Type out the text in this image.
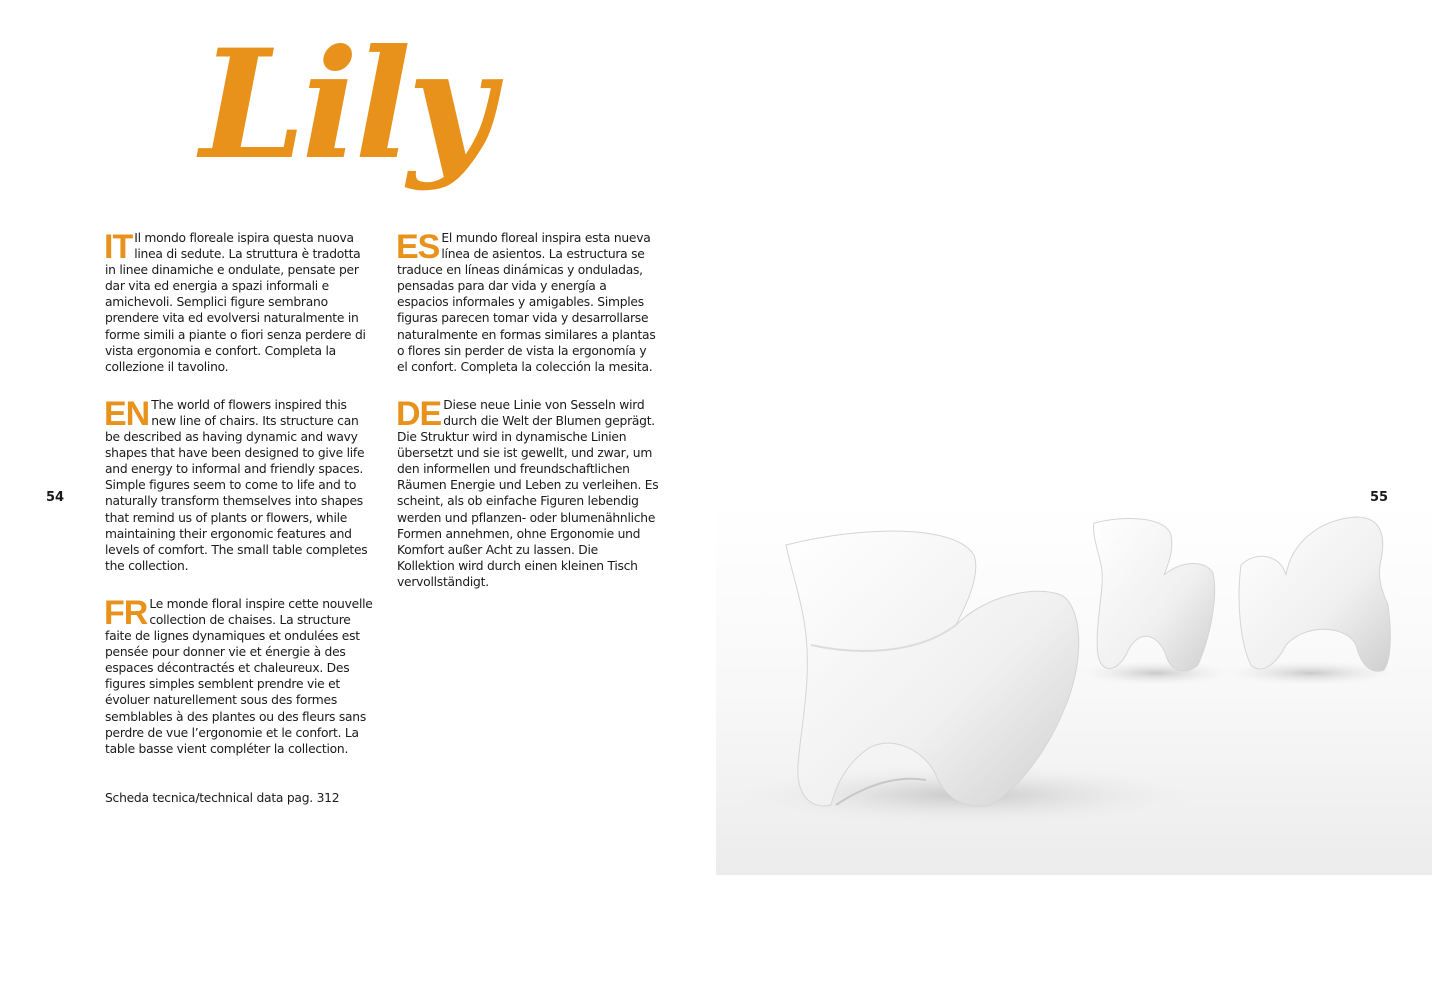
Lily
54	55
IT Il mondo floreale ispira questa nuova linea di sedute. La struttura è tradotta in linee dinamiche e ondulate, pensate per dar vita ed energia a spazi informali e amichevoli. Semplici figure sembrano prendere vita ed evolversi naturalmente in forme simili a piante o fiori senza perdere di vista ergonomia e confort. Completa la collezione il tavolino.

EN The world of flowers inspired this new line of chairs. Its structure can be described as having dynamic and wavy shapes that have been designed to give life and energy to informal and friendly spaces. Simple figures seem to come to life and to naturally transform themselves into shapes that remind us of plants or flowers, while maintaining their ergonomic features and levels of comfort. The small table completes the collection.

FR Le monde floral inspire cette nouvelle collection de chaises. La structure faite de lignes dynamiques et ondulées est pensée pour donner vie et énergie à des espaces décontractés et chaleureux. Des figures simples semblent prendre vie et évoluer naturellement sous des formes semblables à des plantes ou des fleurs sans perdre de vue l’ergonomie et le confort. La table basse vient compléter la collection.

ES El mundo floreal inspira esta nueva línea de asientos. La estructura se traduce en líneas dinámicas y onduladas, pensadas para dar vida y energía a espacios informales y amigables. Simples figuras parecen tomar vida y desarrollarse naturalmente en formas similares a plantas o flores sin perder de vista la ergonomía y el confort. Completa la colección la mesita.

DE Diese neue Linie von Sesseln wird durch die Welt der Blumen geprägt. Die Struktur wird in dynamische Linien übersetzt und sie ist gewellt, und zwar, um den informellen und freundschaftlichen Räumen Energie und Leben zu verleihen. Es scheint, als ob einfache Figuren lebendig werden und pflanzen- oder blumenähnliche Formen annehmen, ohne Ergonomie und Komfort außer Acht zu lassen. Die Kollektion wird durch einen kleinen Tisch vervollständigt.

Scheda tecnica/technical data pag. 312
